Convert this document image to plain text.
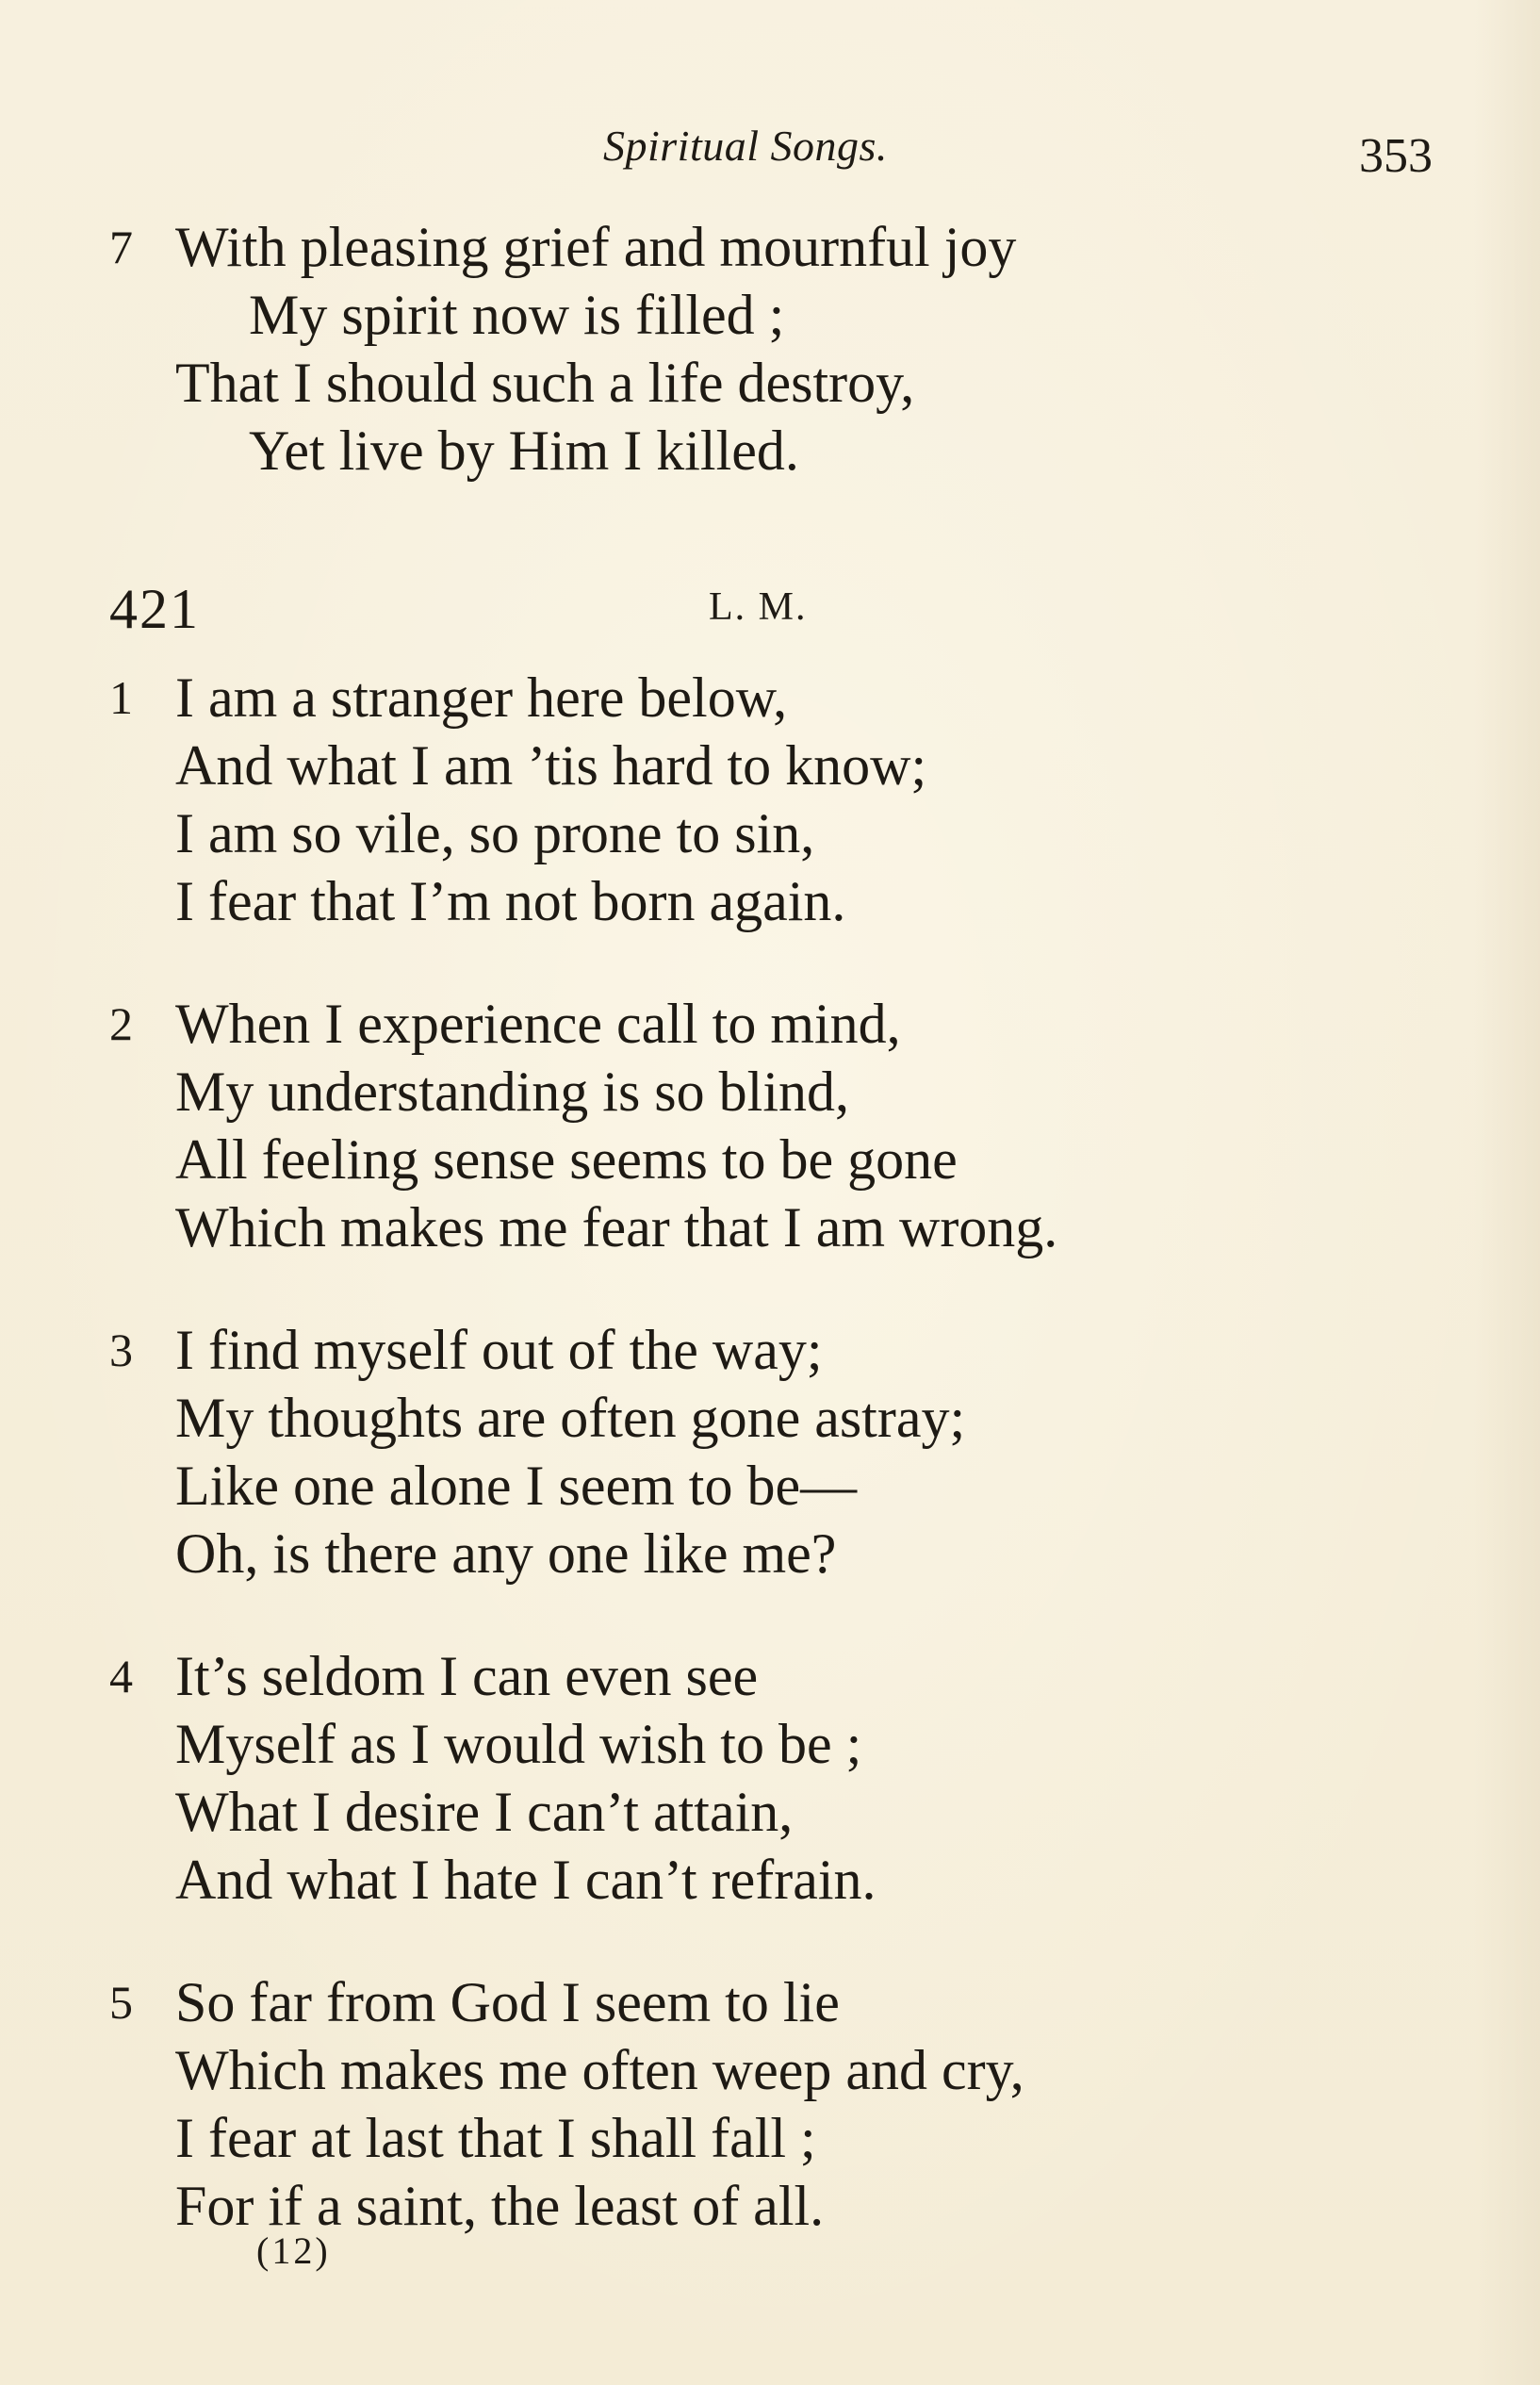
Spiritual Songs.	353
7 With pleasing grief and mournful joy
My spirit now is filled ;
That I should such a life destroy,
Yet live by Him I killed.
421	L. M.
1 I am a stranger here below,
And what I am ’tis hard to know;
I am so vile, so prone to sin,
I fear that I’m not born again.
2 When I experience call to mind,
My understanding is so blind,
All feeling sense seems to be gone
Which makes me fear that I am wrong.
3 I find myself out of the way;
My thoughts are often gone astray;
Like one alone I seem to be—
Oh, is there any one like me?
4 It’s seldom I can even see
Myself as I would wish to be ;
What I desire I can’t attain,
And what I hate I can’t refrain.
5 So far from God I seem to lie
Which makes me often weep and cry,
I fear at last that I shall fall ;
For if a saint, the least of all.
(12)
